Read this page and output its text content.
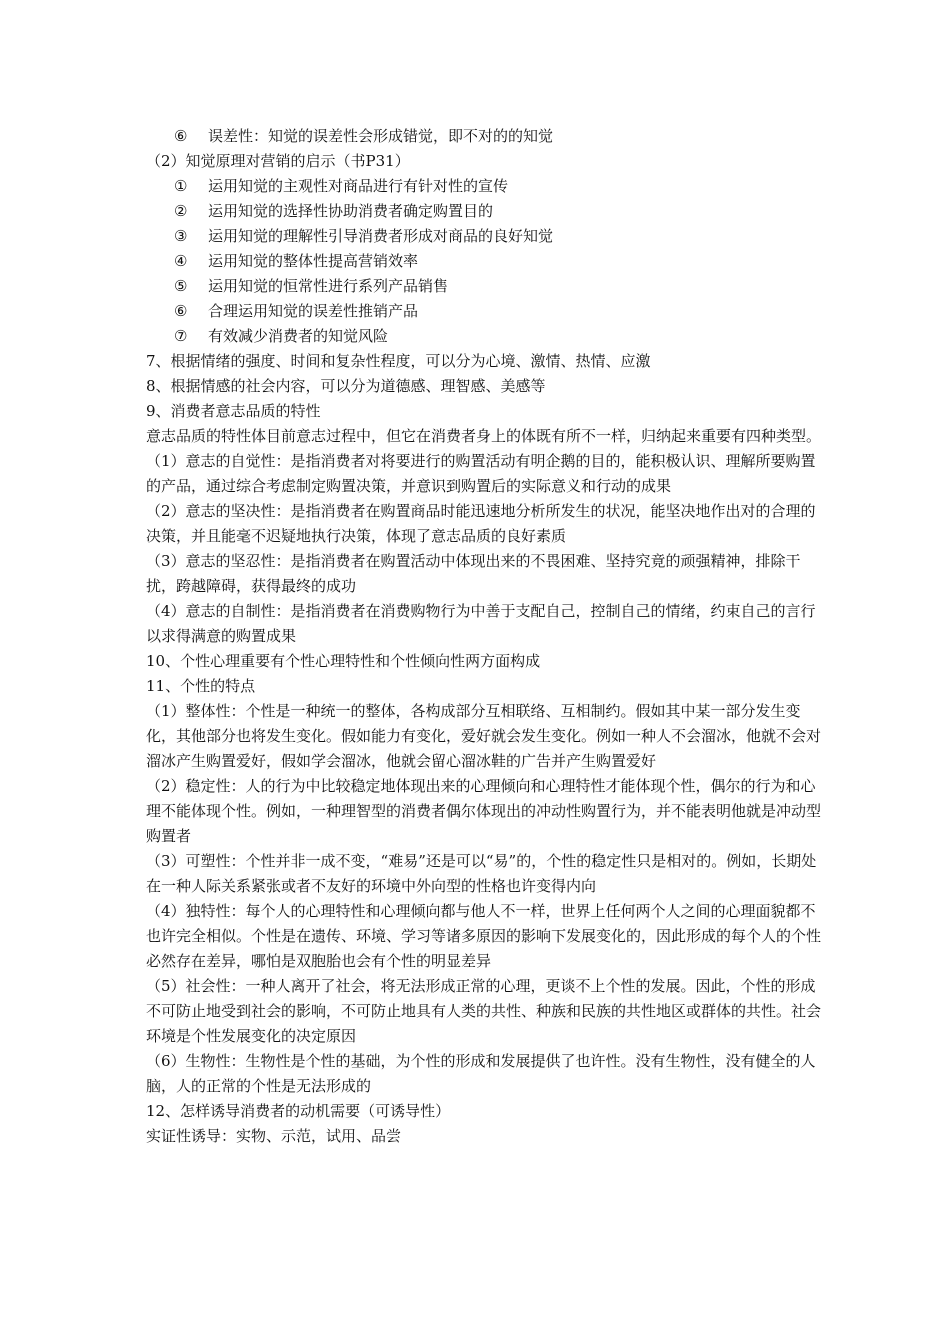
⑥ 误差性：知觉的误差性会形成错觉，即不对的的知觉
（2）知觉原理对营销的启示（书P31）
① 运用知觉的主观性对商品进行有针对性的宣传
② 运用知觉的选择性协助消费者确定购置目的
③ 运用知觉的理解性引导消费者形成对商品的良好知觉
④ 运用知觉的整体性提高营销效率
⑤ 运用知觉的恒常性进行系列产品销售
⑥ 合理运用知觉的误差性推销产品
⑦ 有效减少消费者的知觉风险
7、根据情绪的强度、时间和复杂性程度，可以分为心境、激情、热情、应激
8、根据情感的社会内容，可以分为道德感、理智感、美感等
9、消费者意志品质的特性
意志品质的特性体目前意志过程中，但它在消费者身上的体既有所不一样，归纳起来重要有四种类型。
（1）意志的自觉性：是指消费者对将要进行的购置活动有明企鹅的目的，能积极认识、理解所要购置的产品，通过综合考虑制定购置决策，并意识到购置后的实际意义和行动的成果
（2）意志的坚决性：是指消费者在购置商品时能迅速地分析所发生的状况，能坚决地作出对的合理的决策，并且能毫不迟疑地执行决策，体现了意志品质的良好素质
（3）意志的坚忍性：是指消费者在购置活动中体现出来的不畏困难、坚持究竟的顽强精神，排除干扰，跨越障碍，获得最终的成功
（4）意志的自制性：是指消费者在消费购物行为中善于支配自己，控制自己的情绪，约束自己的言行以求得满意的购置成果
10、个性心理重要有个性心理特性和个性倾向性两方面构成
11、个性的特点
（1）整体性：个性是一种统一的整体，各构成部分互相联络、互相制约。假如其中某一部分发生变化，其他部分也将发生变化。假如能力有变化，爱好就会发生变化。例如一种人不会溜冰，他就不会对溜冰产生购置爱好，假如学会溜冰，他就会留心溜冰鞋的广告并产生购置爱好
（2）稳定性：人的行为中比较稳定地体现出来的心理倾向和心理特性才能体现个性，偶尔的行为和心理不能体现个性。例如，一种理智型的消费者偶尔体现出的冲动性购置行为，并不能表明他就是冲动型购置者
（3）可塑性：个性并非一成不变，“难易”还是可以“易”的，个性的稳定性只是相对的。例如，长期处在一种人际关系紧张或者不友好的环境中外向型的性格也许变得内向
（4）独特性：每个人的心理特性和心理倾向都与他人不一样，世界上任何两个人之间的心理面貌都不也许完全相似。个性是在遗传、环境、学习等诸多原因的影响下发展变化的，因此形成的每个人的个性必然存在差异，哪怕是双胞胎也会有个性的明显差异
（5）社会性：一种人离开了社会，将无法形成正常的心理，更谈不上个性的发展。因此，个性的形成不可防止地受到社会的影响，不可防止地具有人类的共性、种族和民族的共性地区或群体的共性。社会环境是个性发展变化的决定原因
（6）生物性：生物性是个性的基础，为个性的形成和发展提供了也许性。没有生物性，没有健全的人脑，人的正常的个性是无法形成的
12、怎样诱导消费者的动机需要（可诱导性）
实证性诱导：实物、示范，试用、品尝
